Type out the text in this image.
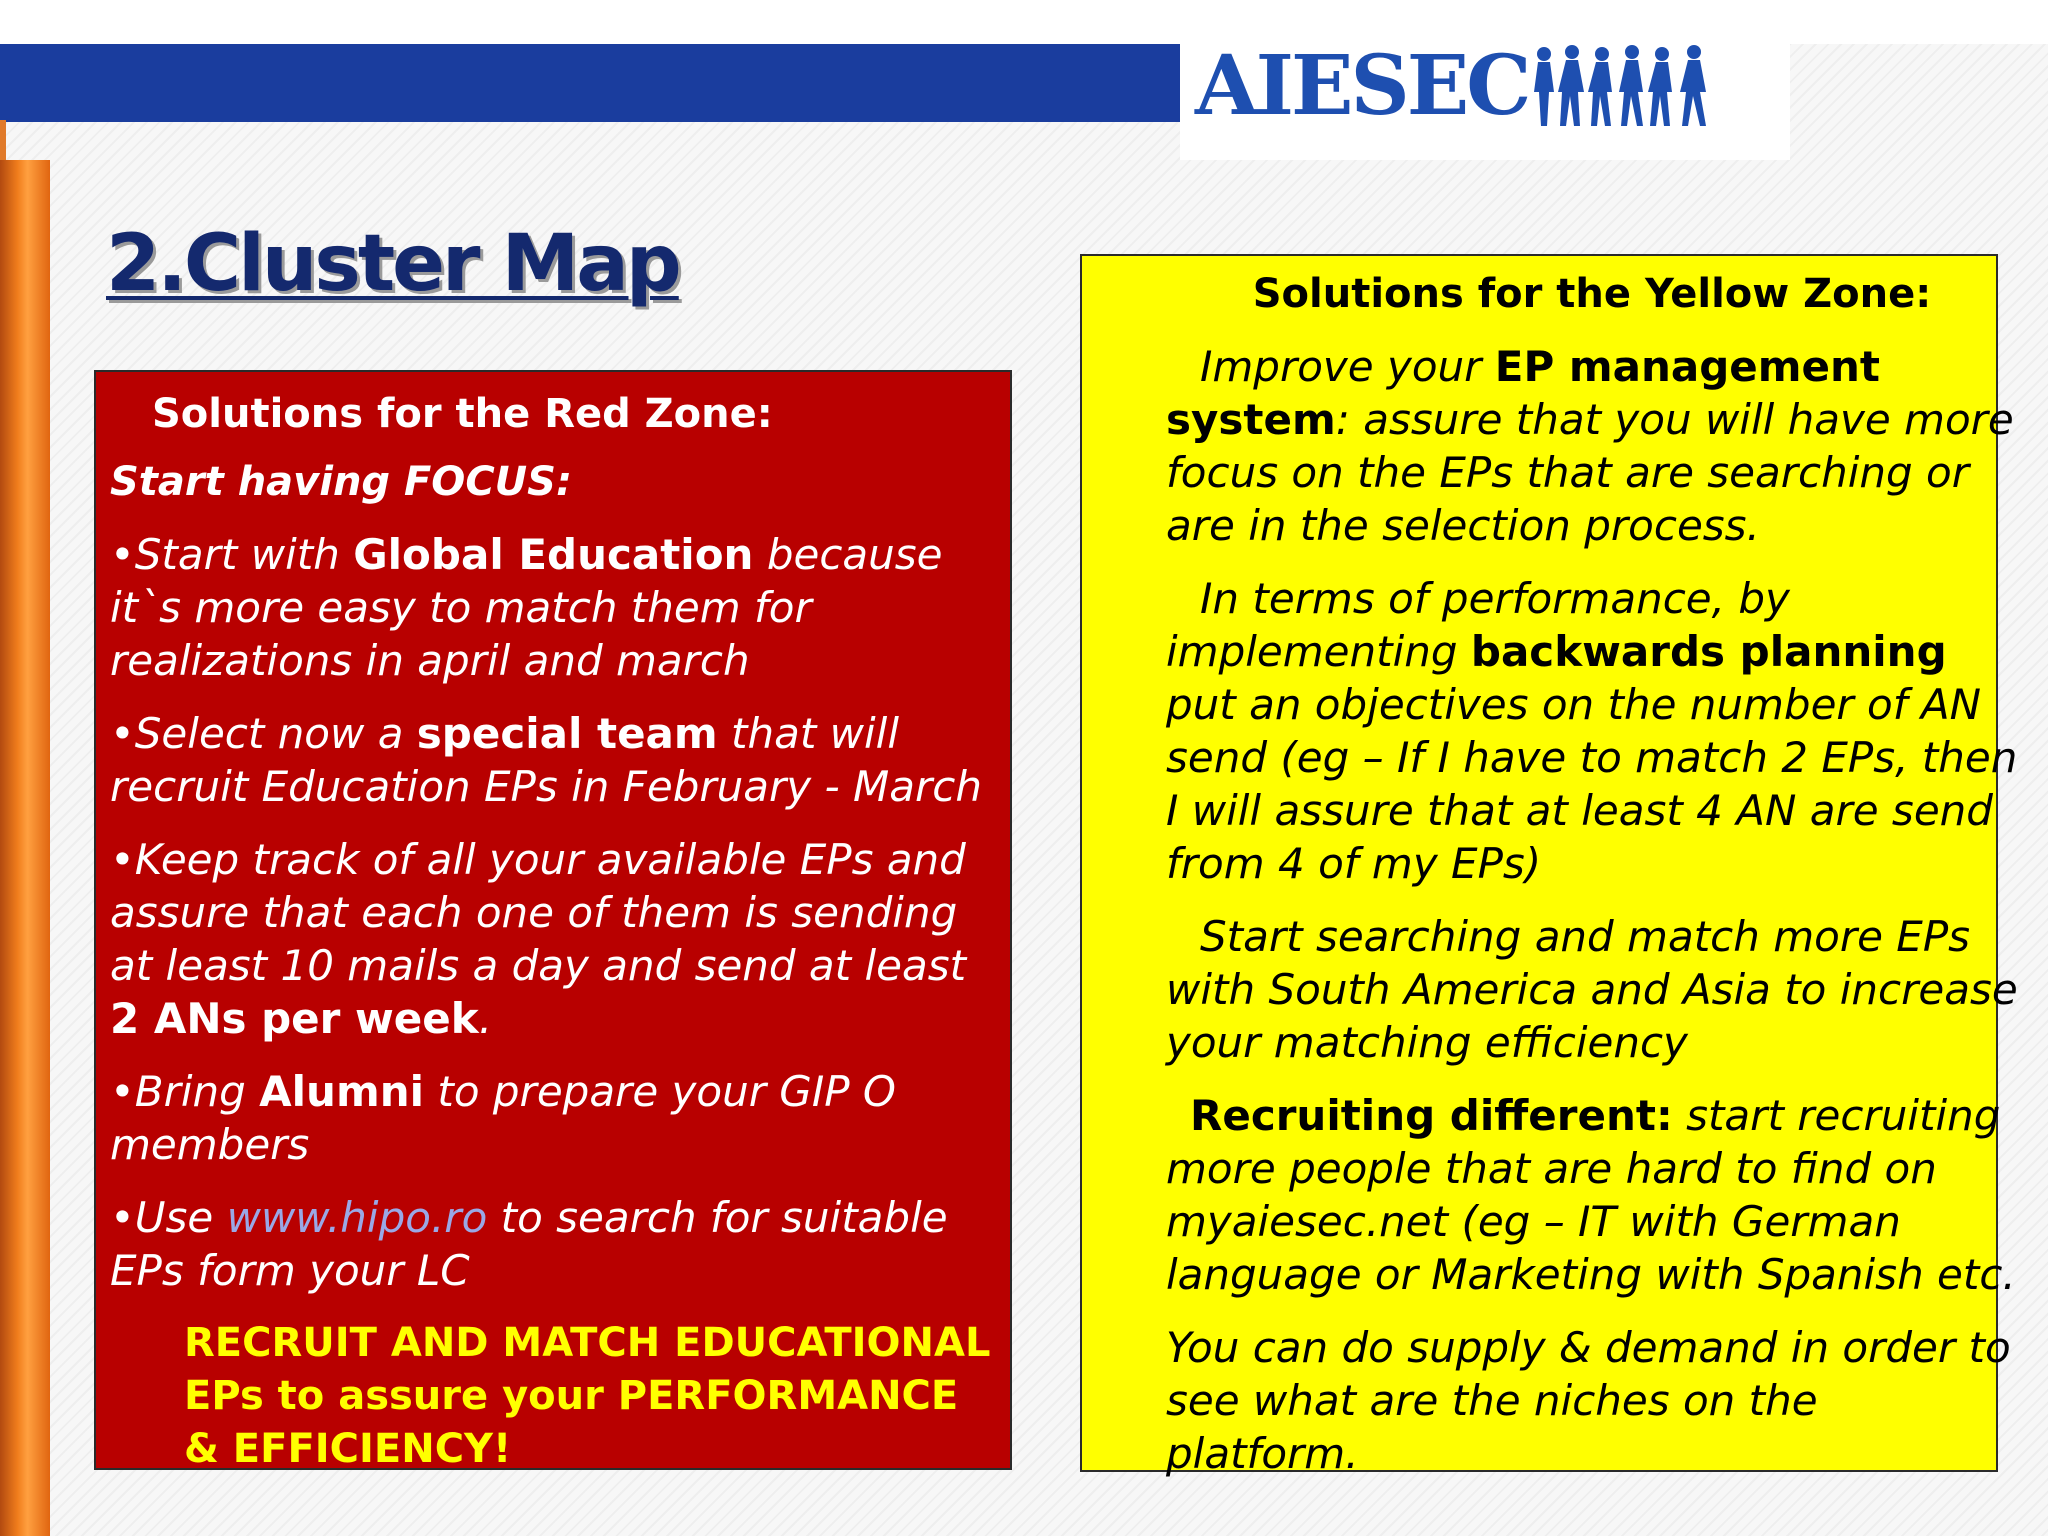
AIESEC
2.Cluster Map

Solutions for the Red Zone:

Start having FOCUS:

•Start with Global Education because it`s more easy to match them for realizations in april and march

•Select now a special team that will recruit Education EPs in February - March

•Keep track of all your available EPs and assure that each one of them is sending at least 10 mails a day and send at least 2 ANs per week.

•Bring Alumni to prepare your GIP O members

•Use www.hipo.ro to search for suitable EPs form your LC

RECRUIT AND MATCH EDUCATIONAL EPs to assure your PERFORMANCE & EFFICIENCY!

Solutions for the Yellow Zone:

Improve your EP management system: assure that you will have more focus on the EPs that are searching or are in the selection process.

In terms of performance, by implementing backwards planning put an objectives on the number of AN send (eg – If I have to match 2 EPs, then I will assure that at least 4 AN are send from 4 of my EPs)

Start searching and match more EPs with South America and Asia to increase your matching efficiency

Recruiting different: start recruiting more people that are hard to find on myaiesec.net (eg – IT with German language or Marketing with Spanish etc.

You can do supply & demand in order to see what are the niches on the platform.
